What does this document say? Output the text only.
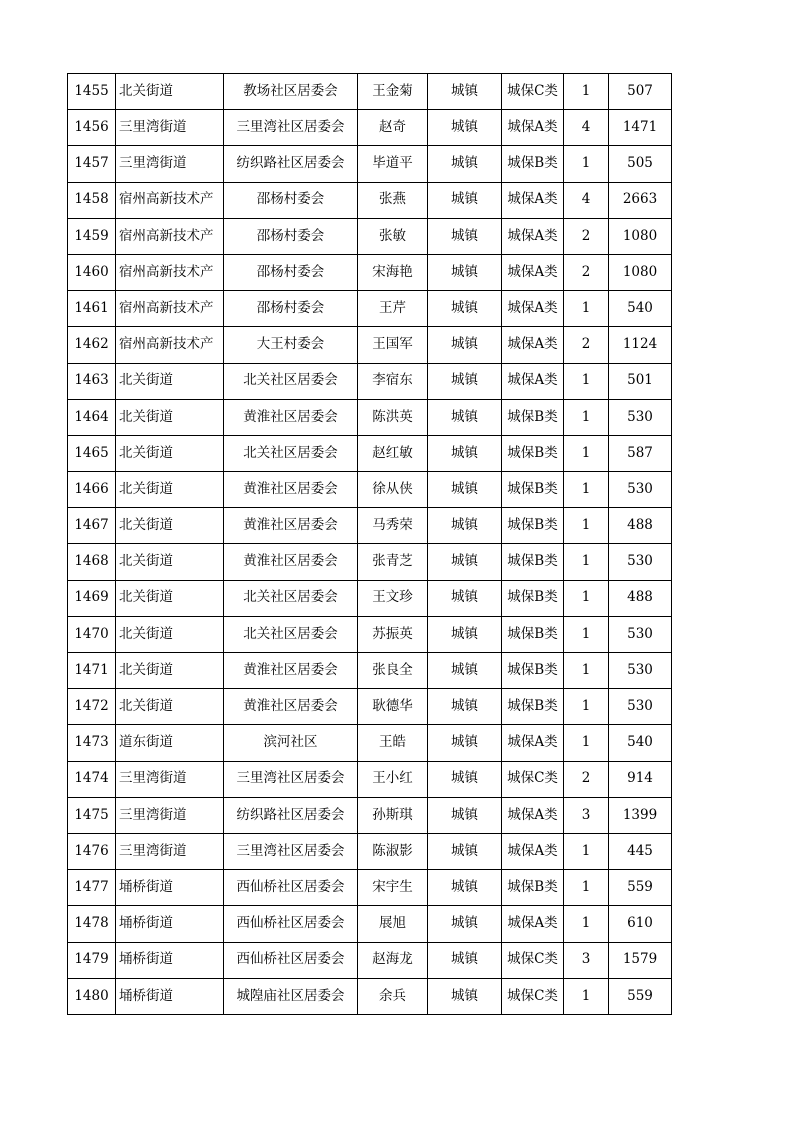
1455	北关街道	教场社区居委会	王金菊	城镇	城保C类	1	507
1456	三里湾街道	三里湾社区居委会	赵奇	城镇	城保A类	4	1471
1457	三里湾街道	纺织路社区居委会	毕道平	城镇	城保B类	1	505
1458	宿州高新技术产	邵杨村委会	张燕	城镇	城保A类	4	2663
1459	宿州高新技术产	邵杨村委会	张敏	城镇	城保A类	2	1080
1460	宿州高新技术产	邵杨村委会	宋海艳	城镇	城保A类	2	1080
1461	宿州高新技术产	邵杨村委会	王芹	城镇	城保A类	1	540
1462	宿州高新技术产	大王村委会	王国军	城镇	城保A类	2	1124
1463	北关街道	北关社区居委会	李宿东	城镇	城保A类	1	501
1464	北关街道	黄淮社区居委会	陈洪英	城镇	城保B类	1	530
1465	北关街道	北关社区居委会	赵红敏	城镇	城保B类	1	587
1466	北关街道	黄淮社区居委会	徐从侠	城镇	城保B类	1	530
1467	北关街道	黄淮社区居委会	马秀荣	城镇	城保B类	1	488
1468	北关街道	黄淮社区居委会	张青芝	城镇	城保B类	1	530
1469	北关街道	北关社区居委会	王文珍	城镇	城保B类	1	488
1470	北关街道	北关社区居委会	苏振英	城镇	城保B类	1	530
1471	北关街道	黄淮社区居委会	张良全	城镇	城保B类	1	530
1472	北关街道	黄淮社区居委会	耿德华	城镇	城保B类	1	530
1473	道东街道	滨河社区	王皓	城镇	城保A类	1	540
1474	三里湾街道	三里湾社区居委会	王小红	城镇	城保C类	2	914
1475	三里湾街道	纺织路社区居委会	孙斯琪	城镇	城保A类	3	1399
1476	三里湾街道	三里湾社区居委会	陈淑影	城镇	城保A类	1	445
1477	埇桥街道	西仙桥社区居委会	宋宇生	城镇	城保B类	1	559
1478	埇桥街道	西仙桥社区居委会	展旭	城镇	城保A类	1	610
1479	埇桥街道	西仙桥社区居委会	赵海龙	城镇	城保C类	3	1579
1480	埇桥街道	城隍庙社区居委会	余兵	城镇	城保C类	1	559
